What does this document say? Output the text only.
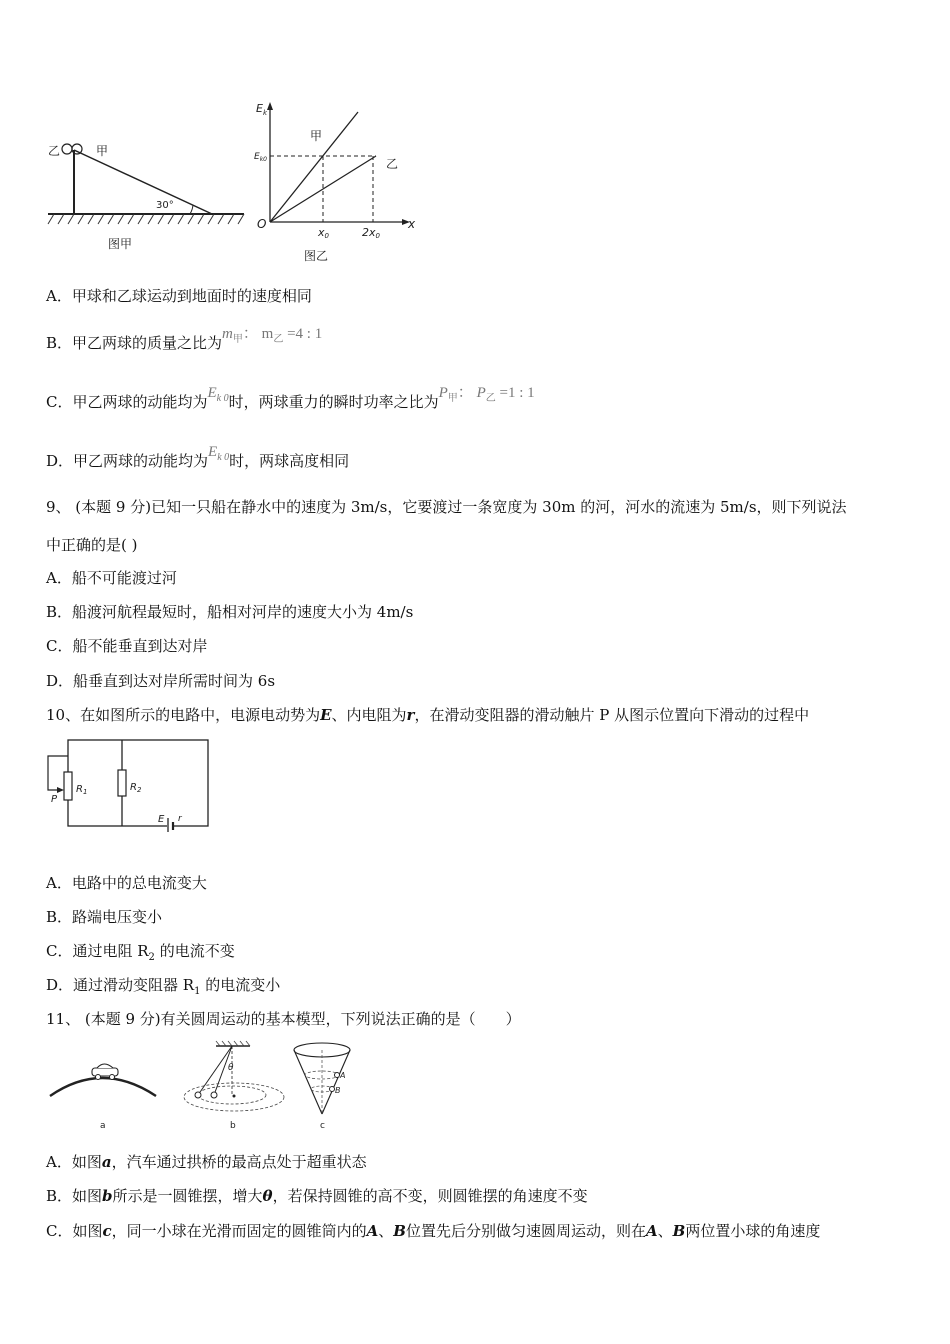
乙	甲
30°
图甲
$E_k$
$E_{k0}$
甲
乙
O	x
x0	2x0
图乙
A．甲球和乙球运动到地面时的速度相同
B．甲乙两球的质量之比为$m_甲$： $m_乙 =4$ : 1
C．甲乙两球的动能均为$E_{k 0}$时，两球重力的瞬时功率之比为$P_甲$： $P_乙 =1$ : 1
D．甲乙两球的动能均为$E_{k 0}$时，两球高度相同
9、 (本题 9 分)已知一只船在静水中的速度为 3m/s，它要渡过一条宽度为 30m 的河，河水的流速为 5m/s，则下列说法
中正确的是( )
A．船不可能渡过河
B．船渡河航程最短时，船相对河岸的速度大小为 4m/s
C．船不能垂直到达对岸
D．船垂直到达对岸所需时间为 6s
10、在如图所示的电路中，电源电动势为E、内电阻为r，在滑动变阻器的滑动触片 P 从图示位置向下滑动的过程中
$R_1$	$R_2$
P
E r
A．电路中的总电流变大
B．路端电压变小
C．通过电阻 $R_2$ 的电流不变
D．通过滑动变阻器 $R_1$ 的电流变小
11、 (本题 9 分)有关圆周运动的基本模型，下列说法正确的是（　　）
a
θ
b
A
B
c
A．如图a，汽车通过拱桥的最高点处于超重状态
B．如图b所示是一圆锥摆，增大θ，若保持圆锥的高不变，则圆锥摆的角速度不变
C．如图c，同一小球在光滑而固定的圆锥筒内的A、B位置先后分别做匀速圆周运动，则在A、B两位置小球的角速度
